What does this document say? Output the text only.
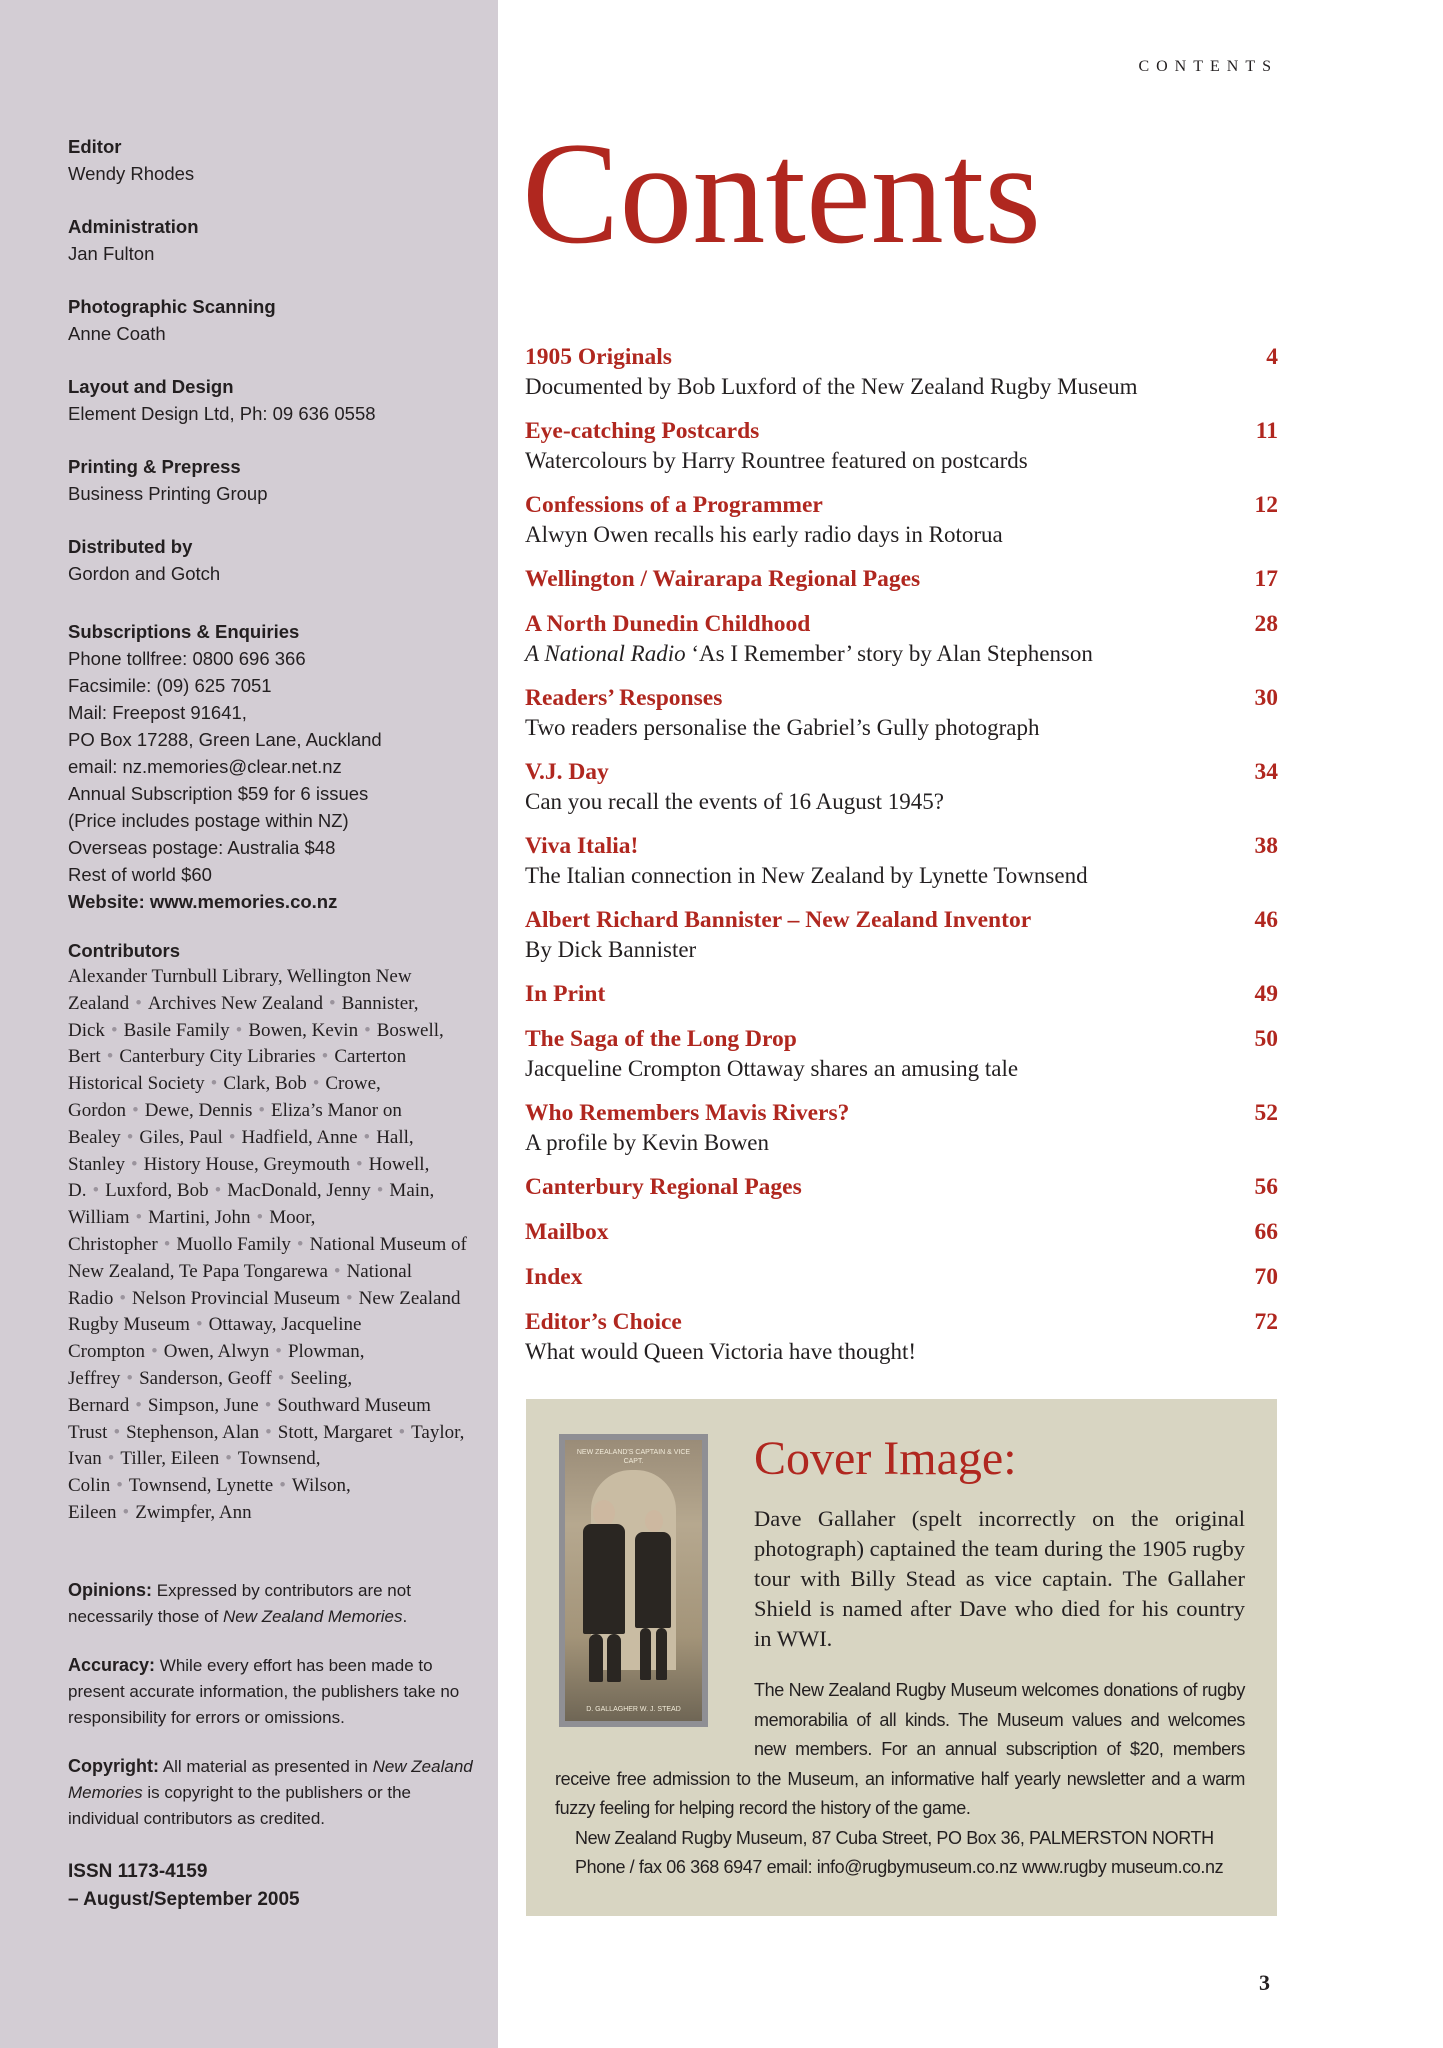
Editor
Wendy Rhodes
Administration
Jan Fulton
Photographic Scanning
Anne Coath
Layout and Design
Element Design Ltd, Ph: 09 636 0558
Printing & Prepress
Business Printing Group
Distributed by
Gordon and Gotch
Subscriptions & Enquiries
Phone tollfree: 0800 696 366
Facsimile: (09) 625 7051
Mail: Freepost 91641,
PO Box 17288, Green Lane, Auckland
email: nz.memories@clear.net.nz
Annual Subscription $59 for 6 issues
(Price includes postage within NZ)
Overseas postage: Australia $48
Rest of world $60
Website: www.memories.co.nz
Contributors
Alexander Turnbull Library, Wellington New Zealand • Archives New Zealand • Bannister, Dick • Basile Family • Bowen, Kevin • Boswell, Bert • Canterbury City Libraries • Carterton Historical Society • Clark, Bob • Crowe, Gordon • Dewe, Dennis • Eliza’s Manor on Bealey • Giles, Paul • Hadfield, Anne • Hall, Stanley • History House, Greymouth • Howell, D. • Luxford, Bob • MacDonald, Jenny • Main, William • Martini, John • Moor, Christopher • Muollo Family • National Museum of New Zealand, Te Papa Tongarewa • National Radio • Nelson Provincial Museum • New Zealand Rugby Museum • Ottaway, Jacqueline Crompton • Owen, Alwyn • Plowman, Jeffrey • Sanderson, Geoff • Seeling, Bernard • Simpson, June • Southward Museum Trust • Stephenson, Alan • Stott, Margaret • Taylor, Ivan • Tiller, Eileen • Townsend, Colin • Townsend, Lynette • Wilson, Eileen • Zwimpfer, Ann

Opinions: Expressed by contributors are not necessarily those of New Zealand Memories.

Accuracy: While every effort has been made to present accurate information, the publishers take no responsibility for errors or omissions.

Copyright: All material as presented in New Zealand Memories is copyright to the publishers or the individual contributors as credited.

ISSN 1173-4159
– August/September 2005
CONTENTS
Contents
1905 Originals	4
Documented by Bob Luxford of the New Zealand Rugby Museum
Eye-catching Postcards	11
Watercolours by Harry Rountree featured on postcards
Confessions of a Programmer	12
Alwyn Owen recalls his early radio days in Rotorua
Wellington / Wairarapa Regional Pages	17
A North Dunedin Childhood	28
A National Radio ‘As I Remember’ story by Alan Stephenson
Readers’ Responses	30
Two readers personalise the Gabriel’s Gully photograph
V.J. Day	34
Can you recall the events of 16 August 1945?
Viva Italia!	38
The Italian connection in New Zealand by Lynette Townsend
Albert Richard Bannister – New Zealand Inventor	46
By Dick Bannister
In Print	49
The Saga of the Long Drop	50
Jacqueline Crompton Ottaway shares an amusing tale
Who Remembers Mavis Rivers?	52
A profile by Kevin Bowen
Canterbury Regional Pages	56
Mailbox	66
Index	70
Editor’s Choice	72
What would Queen Victoria have thought!
NEW ZEALAND'S CAPTAIN & VICE CAPT.
D. GALLAGHER W. J. STEAD
Cover Image:

Dave Gallaher (spelt incorrectly on the original photograph) captained the team during the 1905 rugby tour with Billy Stead as vice captain. The Gallaher Shield is named after Dave who died for his country in WWI.

The New Zealand Rugby Museum welcomes donations of rugby memorabilia of all kinds. The Museum values and welcomes new members. For an annual subscription of $20, members receive free admission to the Museum, an informative half yearly newsletter and a warm fuzzy feeling for helping record the history of the game.

New Zealand Rugby Museum, 87 Cuba Street, PO Box 36, PALMERSTON NORTH
Phone / fax 06 368 6947 email: info@rugbymuseum.co.nz www.rugby museum.co.nz
3
